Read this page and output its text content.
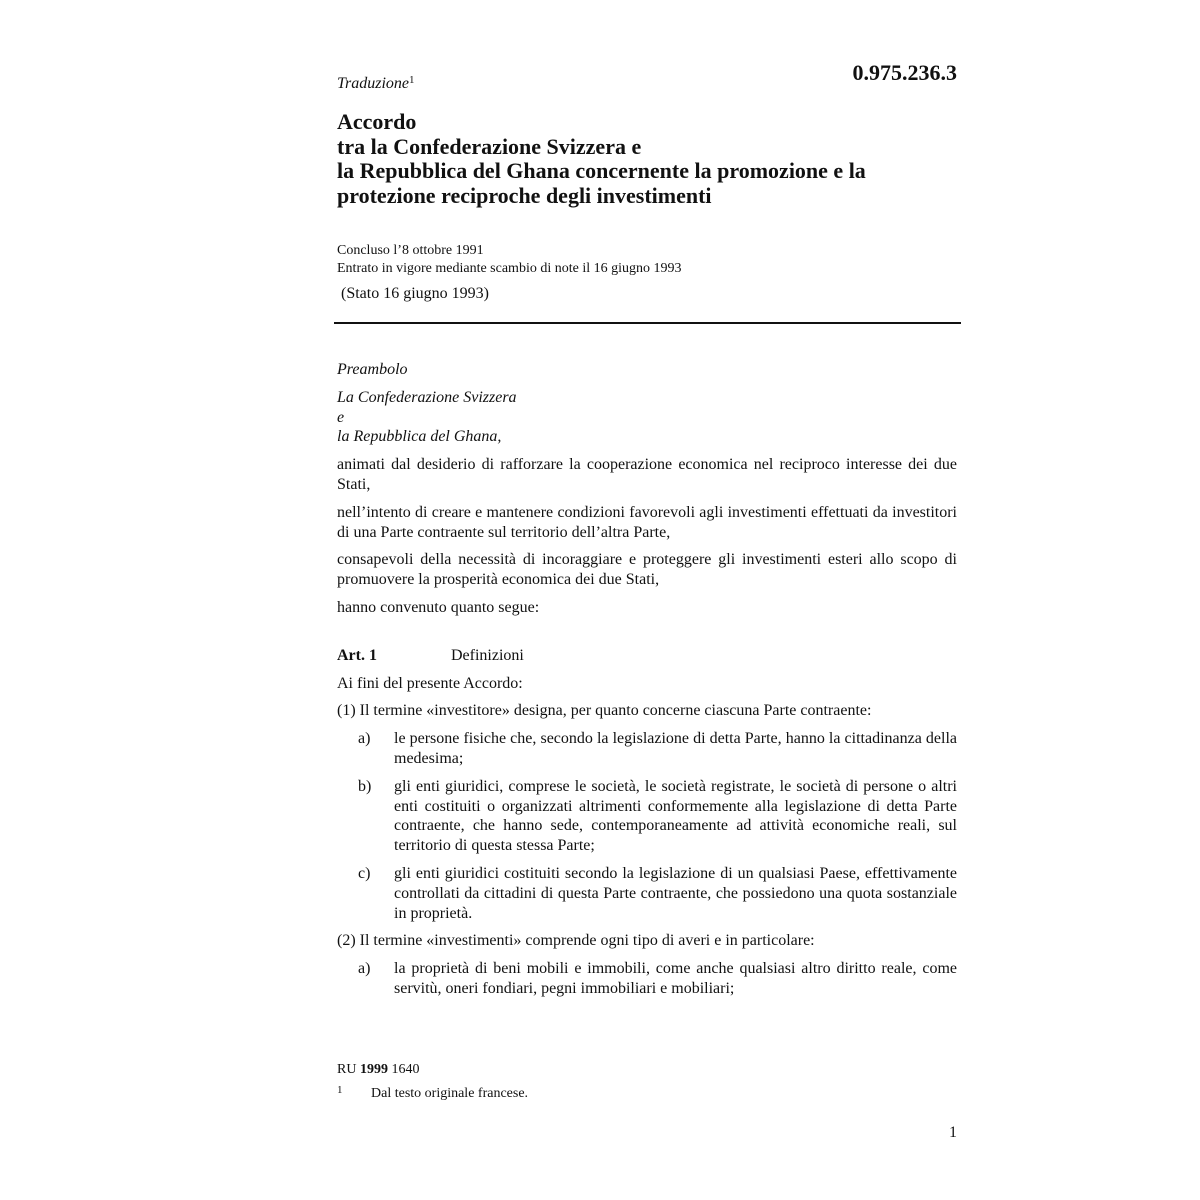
0.975.236.3
Traduzione$^1$
Accordo
tra la Confederazione Svizzera e
la Repubblica del Ghana concernente la promozione e la
protezione reciproche degli investimenti
Concluso l’8 ottobre 1991
Entrato in vigore mediante scambio di note il 16 giugno 1993
(Stato 16 giugno 1993)

Preambolo

La Confederazione Svizzera

e

la Repubblica del Ghana,

animati dal desiderio di rafforzare la cooperazione economica nel reciproco interesse dei due Stati,

nell’intento di creare e mantenere condizioni favorevoli agli investimenti effettuati da investitori di una Parte contraente sul territorio dell’altra Parte,

consapevoli della necessità di incoraggiare e proteggere gli investimenti esteri allo scopo di promuovere la prosperità economica dei due Stati,

hanno convenuto quanto segue:

Art. 1	Definizioni

Ai fini del presente Accordo:

(1) Il termine «investitore» designa, per quanto concerne ciascuna Parte contraente:

a) le persone fisiche che, secondo la legislazione di detta Parte, hanno la cittadinanza della medesima;

b) gli enti giuridici, comprese le società, le società registrate, le società di persone o altri enti costituiti o organizzati altrimenti conformemente alla legislazione di detta Parte contraente, che hanno sede, contemporaneamente ad attività economiche reali, sul territorio di questa stessa Parte;

c) gli enti giuridici costituiti secondo la legislazione di un qualsiasi Paese, effettivamente controllati da cittadini di questa Parte contraente, che possiedono una quota sostanziale in proprietà.

(2) Il termine «investimenti» comprende ogni tipo di averi e in particolare:

a) la proprietà di beni mobili e immobili, come anche qualsiasi altro diritto reale, come servitù, oneri fondiari, pegni immobiliari e mobiliari;

RU 1999 1640
1 Dal testo originale francese.
1
